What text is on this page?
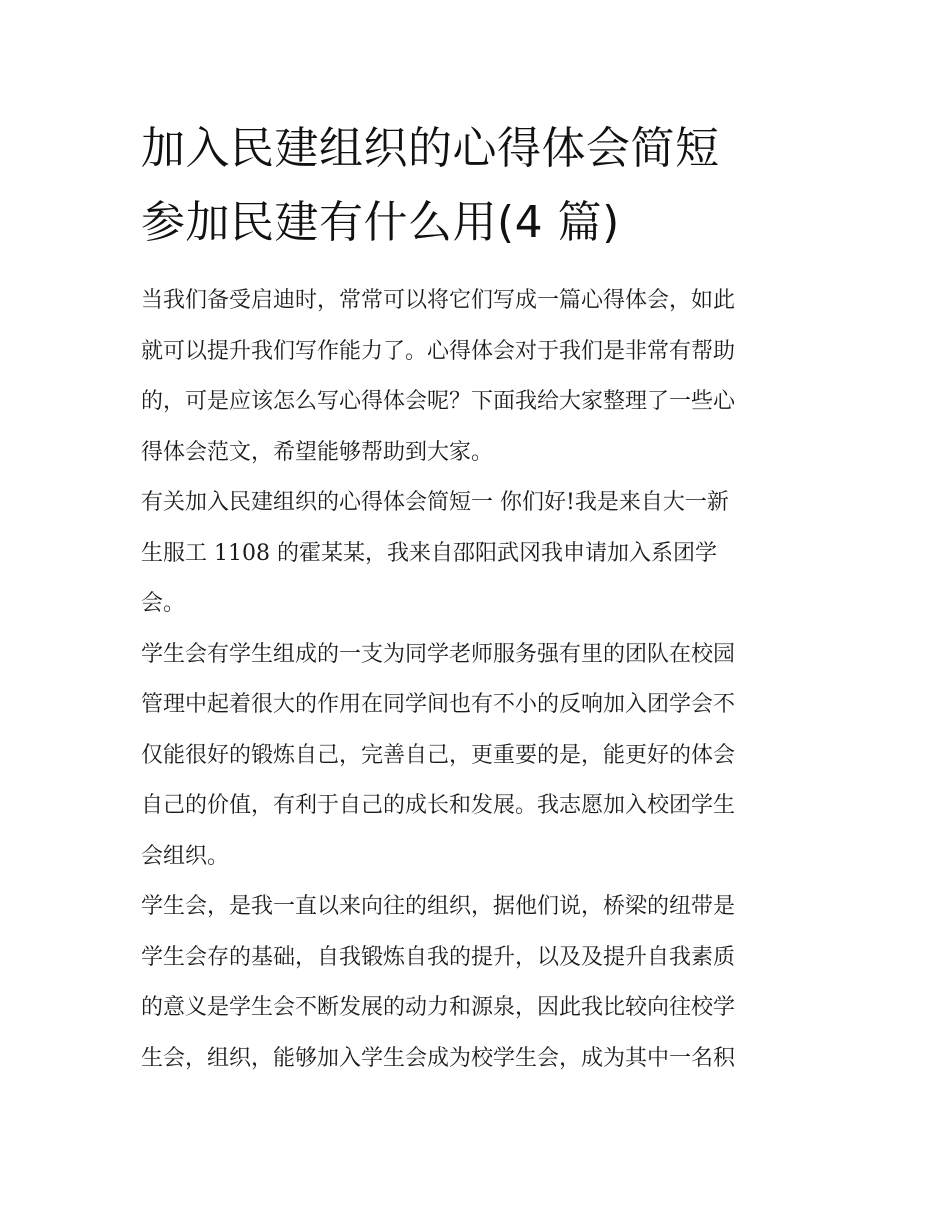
加入民建组织的心得体会简短
参加民建有什么用(4 篇)

当我们备受启迪时，常常可以将它们写成一篇心得体会，如此
就可以提升我们写作能力了。心得体会对于我们是非常有帮助
的，可是应该怎么写心得体会呢？下面我给大家整理了一些心
得体会范文，希望能够帮助到大家。

有关加入民建组织的心得体会简短一 你们好!我是来自大一新
生服工 1108 的霍某某，我来自邵阳武冈我申请加入系团学
会。

学生会有学生组成的一支为同学老师服务强有里的团队在校园
管理中起着很大的作用在同学间也有不小的反响加入团学会不
仅能很好的锻炼自己，完善自己，更重要的是，能更好的体会
自己的价值，有利于自己的成长和发展。我志愿加入校团学生
会组织。

学生会，是我一直以来向往的组织，据他们说，桥梁的纽带是
学生会存的基础，自我锻炼自我的提升，以及及提升自我素质
的意义是学生会不断发展的动力和源泉，因此我比较向往校学
生会，组织，能够加入学生会成为校学生会，成为其中一名积
